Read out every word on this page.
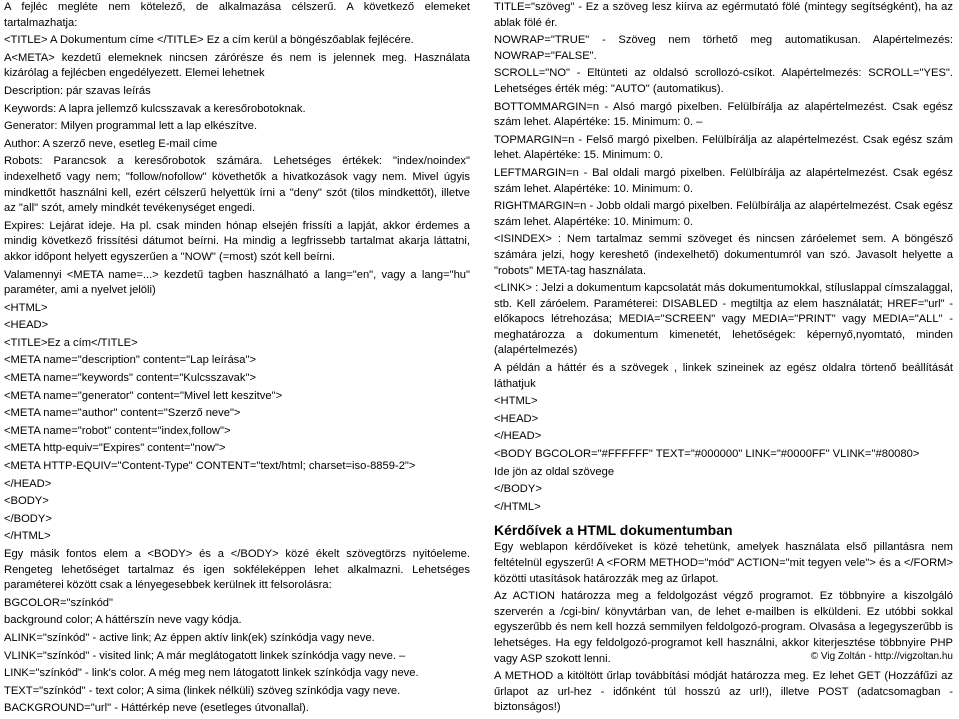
A fejléc megléte nem kötelező, de alkalmazása célszerű. A következő elemeket tartalmazhatja:

<TITLE> A Dokumentum címe </TITLE> Ez a cím kerül a böngészőablak fejlécére.

A<META> kezdetű elemeknek nincsen zárórésze és nem is jelennek meg. Használata kizárólag a fejlécben engedélyezett. Elemei lehetnek

Description: pár szavas leírás

Keywords: A lapra jellemző kulcsszavak a keresőrobotoknak.

Generator: Milyen programmal lett a lap elkészítve.

Author: A szerző neve, esetleg E-mail címe

Robots: Parancsok a keresőrobotok számára. Lehetséges értékek: "index/noindex" indexelhető vagy nem; "follow/nofollow" követhetők a hivatkozások vagy nem. Mivel úgyis mindkettőt használni kell, ezért célszerű helyettük írni a "deny" szót (tilos mindkettőt), illetve az "all" szót, amely mindkét tevékenységet engedi.

Expires: Lejárat ideje. Ha pl. csak minden hónap elsején frissíti a lapját, akkor érdemes a mindig következő frissítési dátumot beírni. Ha mindig a legfrissebb tartalmat akarja láttatni, akkor időpont helyett egyszerűen a "NOW" (=most) szót kell beírni.

Valamennyi <META name=...> kezdetű tagben használható a lang="en", vagy a lang="hu" paraméter, ami a nyelvet jelöli)

<HTML>

<HEAD>

<TITLE>Ez a cím</TITLE>

<META name="description" content="Lap leírása">

<META name="keywords" content="Kulcsszavak">

<META name="generator" content="Mivel lett keszitve">

<META name="author" content="Szerző neve">

<META name="robot" content="index,follow">

<META http-equiv="Expires" content="now">

<META HTTP-EQUIV="Content-Type" CONTENT="text/html; charset=iso-8859-2">

</HEAD>

<BODY>

</BODY>

</HTML>

Egy másik fontos elem a <BODY> és a </BODY> közé ékelt szövegtörzs nyitóeleme. Rengeteg lehetőséget tartalmaz és igen sokféleképpen lehet alkalmazni. Lehetséges paraméterei között csak a lényegesebbek kerülnek itt felsorolásra:

BGCOLOR="színkód"

background color; A háttérszín neve vagy kódja.

ALINK="színkód" - active link; Az éppen aktív link(ek) színkódja vagy neve.

VLINK="színkód" - visited link; A már meglátogatott linkek színkódja vagy neve. –

LINK="színkód" - link's color. A még meg nem látogatott linkek színkódja vagy neve.

TEXT="színkód" - text color; A sima (linkek nélküli) szöveg színkódja vagy neve.

BACKGROUND="url" - Háttérkép neve (esetleges útvonallal).

TITLE="szöveg" - Ez a szöveg lesz kiírva az egérmutató fölé (mintegy segítségként), ha az ablak fölé ér.

NOWRAP="TRUE" - Szöveg nem törhető meg automatikusan. Alapértelmezés: NOWRAP="FALSE".

SCROLL="NO" - Eltünteti az oldalsó scrollozó-csíkot. Alapértelmezés: SCROLL="YES". Lehetséges érték még: "AUTO" (automatikus).

BOTTOMMARGIN=n - Alsó margó pixelben. Felülbírálja az alapértelmezést. Csak egész szám lehet. Alapértéke: 15. Minimum: 0. –

TOPMARGIN=n - Felső margó pixelben. Felülbírálja az alapértelmezést. Csak egész szám lehet. Alapértéke: 15. Minimum: 0.

LEFTMARGIN=n - Bal oldali margó pixelben. Felülbírálja az alapértelmezést. Csak egész szám lehet. Alapértéke: 10. Minimum: 0.

RIGHTMARGIN=n - Jobb oldali margó pixelben. Felülbírálja az alapértelmezést. Csak egész szám lehet. Alapértéke: 10. Minimum: 0.

<ISINDEX> : Nem tartalmaz semmi szöveget és nincsen záróelemet sem. A böngésző számára jelzi, hogy kereshető (indexelhető) dokumentumról van szó. Javasolt helyette a "robots" META-tag használata.

<LINK> : Jelzi a dokumentum kapcsolatát más dokumentumokkal, stíluslappal címszalaggal, stb. Kell záróelem. Paraméterei: DISABLED - megtiltja az elem használatát; HREF="url" - előkapocs létrehozása; MEDIA="SCREEN" vagy MEDIA="PRINT" vagy MEDIA="ALL" - meghatározza a dokumentum kimenetét, lehetőségek: képernyő,nyomtató, minden (alapértelmezés)

A példán a háttér és a szövegek , linkek szineinek az egész oldalra törtenő beállítását láthatjuk

<HTML>

<HEAD>

</HEAD>

<BODY BGCOLOR="#FFFFFF" TEXT="#000000" LINK="#0000FF" VLINK="#80080>

Ide jön az oldal szövege

</BODY>

</HTML>

Kérdőívek a HTML dokumentumban

Egy weblapon kérdőíveket is közé tehetünk, amelyek használata első pillantásra nem feltételnül egyszerű! A <FORM METHOD="mód" ACTION="mit tegyen vele"> és a </FORM> közötti utasítások határozzák meg az űrlapot.

Az ACTION határozza meg a feldolgozást végző programot. Ez többnyire a kiszolgáló szerverén a /cgi-bin/ könyvtárban van, de lehet e-mailben is elküldeni. Ez utóbbi sokkal egyszerűbb és nem kell hozzá semmilyen feldolgozó-program. Olvasása a legegyszerűbb is lehetséges. Ha egy feldolgozó-programot kell használni, akkor kiterjesztése többnyire PHP vagy ASP szokott lenni.

A METHOD a kitöltött űrlap továbbítási módját határozza meg. Ez lehet GET (Hozzáfűzi az űrlapot az url-hez - időnként túl hosszú az url!), illetve POST (adatcsomagban - biztonságos!)

© Vig Zoltán - http://vigzoltan.hu
